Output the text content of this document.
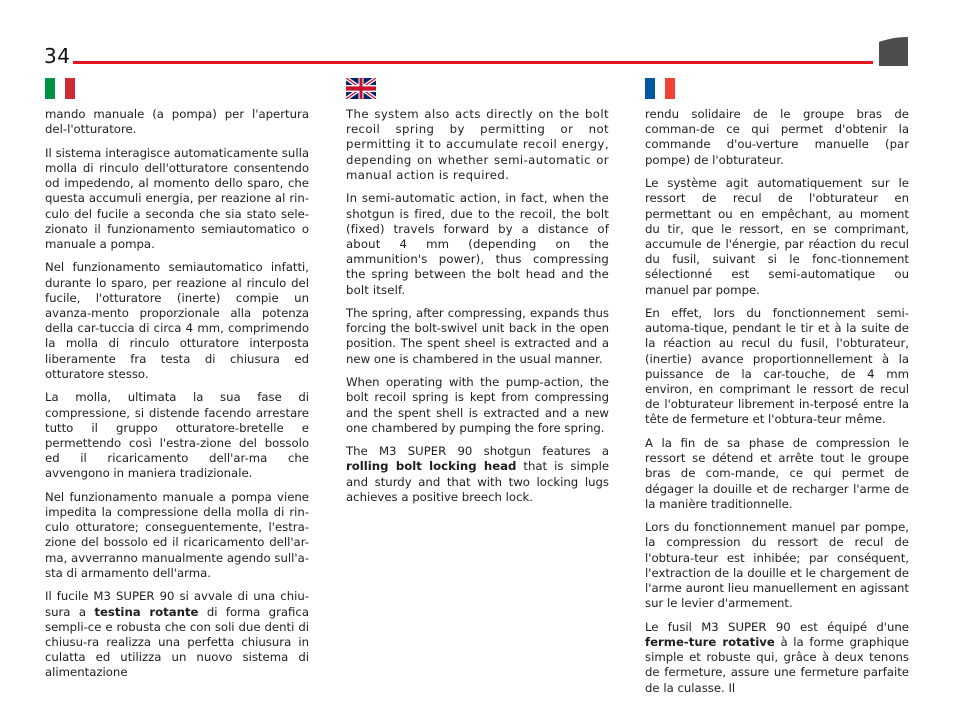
34

mando manuale (a pompa) per l'apertura del-l'otturatore.

Il sistema interagisce automaticamente sulla molla di rinculo dell'otturatore consentendo od impedendo, al momento dello sparo, che questa accumuli energia, per reazione al rin-culo del fucile a seconda che sia stato sele-zionato il funzionamento semiautomatico o manuale a pompa.

Nel funzionamento semiautomatico infatti, durante lo sparo, per reazione al rinculo del fucile, l'otturatore (inerte) compie un avanza-mento proporzionale alla potenza della car-tuccia di circa 4 mm, comprimendo la molla di rinculo otturatore interposta liberamente fra testa di chiusura ed otturatore stesso.

La molla, ultimata la sua fase di compressione, si distende facendo arrestare tutto il gruppo otturatore-bretelle e permettendo così l'estra-zione del bossolo ed il ricaricamento dell'ar-ma che avvengono in maniera tradizionale.

Nel funzionamento manuale a pompa viene impedita la compressione della molla di rin-culo otturatore; conseguentemente, l'estra-zione del bossolo ed il ricaricamento dell'ar-ma, avverranno manualmente agendo sull'a-sta di armamento dell'arma.

Il fucile M3 SUPER 90 si avvale di una chiu-sura a testina rotante di forma grafica sempli-ce e robusta che con soli due denti di chiusu-ra realizza una perfetta chiusura in culatta ed utilizza un nuovo sistema di alimentazione

The system also acts directly on the bolt recoil spring by permitting or not permitting it to accumulate recoil energy, depending on whether semi-automatic or manual action is required.

In semi-automatic action, in fact, when the shotgun is fired, due to the recoil, the bolt (fixed) travels forward by a distance of about 4 mm (depending on the ammunition's power), thus compressing the spring between the bolt head and the bolt itself.

The spring, after compressing, expands thus forcing the bolt-swivel unit back in the open position. The spent sheel is extracted and a new one is chambered in the usual manner.

When operating with the pump-action, the bolt recoil spring is kept from compressing and the spent shell is extracted and a new one chambered by pumping the fore spring.

The M3 SUPER 90 shotgun features a rolling bolt locking head that is simple and sturdy and that with two locking lugs achieves a positive breech lock.

rendu solidaire de le groupe bras de comman-de ce qui permet d'obtenir la commande d'ou-verture manuelle (par pompe) de l'obturateur.

Le système agit automatiquement sur le ressort de recul de l'obturateur en permettant ou en empêchant, au moment du tir, que le ressort, en se comprimant, accumule de l'énergie, par réaction du recul du fusil, suivant si le fonc-tionnement sélectionné est semi-automatique ou manuel par pompe.

En effet, lors du fonctionnement semi-automa-tique, pendant le tir et à la suite de la réaction au recul du fusil, l'obturateur, (inertie) avance proportionnellement à la puissance de la car-touche, de 4 mm environ, en comprimant le ressort de recul de l'obturateur librement in-terposé entre la tête de fermeture et l'obtura-teur même.

A la fin de sa phase de compression le ressort se détend et arrête tout le groupe bras de com-mande, ce qui permet de dégager la douille et de recharger l'arme de la manière traditionnelle.

Lors du fonctionnement manuel par pompe, la compression du ressort de recul de l'obtura-teur est inhibée; par conséquent, l'extraction de la douille et le chargement de l'arme auront lieu manuellement en agissant sur le levier d'armement.

Le fusil M3 SUPER 90 est équipé d'une ferme-ture rotative à la forme graphique simple et robuste qui, grâce à deux tenons de fermeture, assure une fermeture parfaite de la culasse. Il
